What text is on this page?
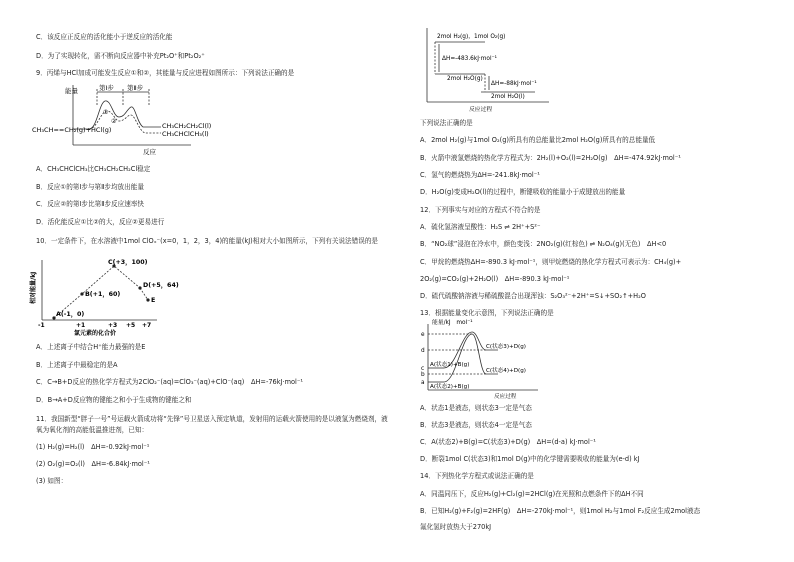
C．该反应正反应的活化能小于逆反应的活化能
D．为了实现转化，需不断向反应器中补充Pt₂O⁺和Pt₂O₂⁺
9．丙烯与HCl加成可能发生反应①和②，其能量与反应进程如图所示：下列说法正确的是
能量	第Ⅰ步 第Ⅱ步
CH₃CH==CH₂(g)+HCl(g)	CH₃CH₂CH₂Cl(l)
CH₃CHClCH₃(l)
①
②
反应
A．CH₃CHClCH₃比CH₃CH₂CH₂Cl稳定
B．反应①的第Ⅰ步与第Ⅱ步均放出能量
C．反应②的第Ⅰ步比第Ⅱ步反应速率快
D．活化能反应①比②的大，反应②更易进行
10．一定条件下，在水溶液中1mol ClOₓ⁻(x=0，1，2，3，4)的能量(kJ)相对大小如图所示，下列有关说法错误的是
相对能量/kJ
A(-1，0)
B(+1，60)
C(+3，100)
D(+5，64)
E
-1	+1	+3 +5 +7
氯元素的化合价
A．上述离子中结合H⁺能力最强的是E
B．上述离子中最稳定的是A
C．C→B+D反应的热化学方程式为2ClO₂⁻(aq)=ClO₃⁻(aq)+ClO⁻(aq)　ΔH=-76kJ·mol⁻¹
D．B→A+D反应物的键能之和小于生成物的键能之和
11．我国新型“胖子一号”号运载火箭成功将“先锋”号卫星送入预定轨道，发射用的运载火箭使用的是以液氢为燃烧剂，液氧为氧化剂的高能低温推进剂，已知：
(1) H₂(g)=H₂(l)　ΔH=-0.92kJ·mol⁻¹
(2) O₂(g)=O₂(l)　ΔH=-6.84kJ·mol⁻¹
(3) 如图：
2mol H₂(g)，1mol O₂(g)
ΔH=-483.6kJ·mol⁻¹
2mol H₂O(g)
ΔH=-88kJ·mol⁻¹
2mol H₂O(l)
反应过程
下列说法正确的是
A．2mol H₂(g)与1mol O₂(g)所具有的总能量比2mol H₂O(g)所具有的总能量低
B．火箭中液氢燃烧的热化学方程式为：2H₂(l)+O₂(l)=2H₂O(g)　ΔH=-474.92kJ·mol⁻¹
C．氢气的燃烧热为ΔH=-241.8kJ·mol⁻¹
D．H₂O(g)变成H₂O(l)的过程中，断键吸收的能量小于成键放出的能量
12．下列事实与对应的方程式不符合的是
A．硫化氢溶液呈酸性：H₂S ⇌ 2H⁺+S²⁻
B．“NO₂球”浸泡在冷水中，颜色变浅：2NO₂(g)(红棕色) ⇌ N₂O₄(g)(无色)　ΔH<0
C．甲烷的燃烧热ΔH=-890.3 kJ·mol⁻¹，则甲烷燃烧的热化学方程式可表示为：CH₄(g)+
2O₂(g)=CO₂(g)+2H₂O(l)　ΔH=-890.3 kJ·mol⁻¹
D．硫代硫酸钠溶液与稀硫酸混合出现浑浊：S₂O₃²⁻+2H⁺=S↓+SO₂↑+H₂O
13．根据能量变化示意图，下列说法正确的是
能量/kJ　mol⁻¹
e
d
c
b
a
C(状态3)+D(g)
A(状态1)+B(g)
C(状态4)+D(g)
A(状态2)+B(g)
反应过程
A．状态1是液态，则状态3一定是气态
B．状态3是液态，则状态4一定是气态
C．A(状态2)+B(g)=C(状态3)+D(g)　ΔH=(d-a) kJ·mol⁻¹
D．断裂1mol C(状态3)和1mol D(g)中的化学键需要吸收的能量为(e-d) kJ
14．下列热化学方程式或说法正确的是
A．同温同压下，反应H₂(g)+Cl₂(g)=2HCl(g)在光照和点燃条件下的ΔH不同
B．已知H₂(g)+F₂(g)=2HF(g)　ΔH=-270kJ·mol⁻¹，则1mol H₂与1mol F₂反应生成2mol液态
氟化氢时放热大于270kJ
